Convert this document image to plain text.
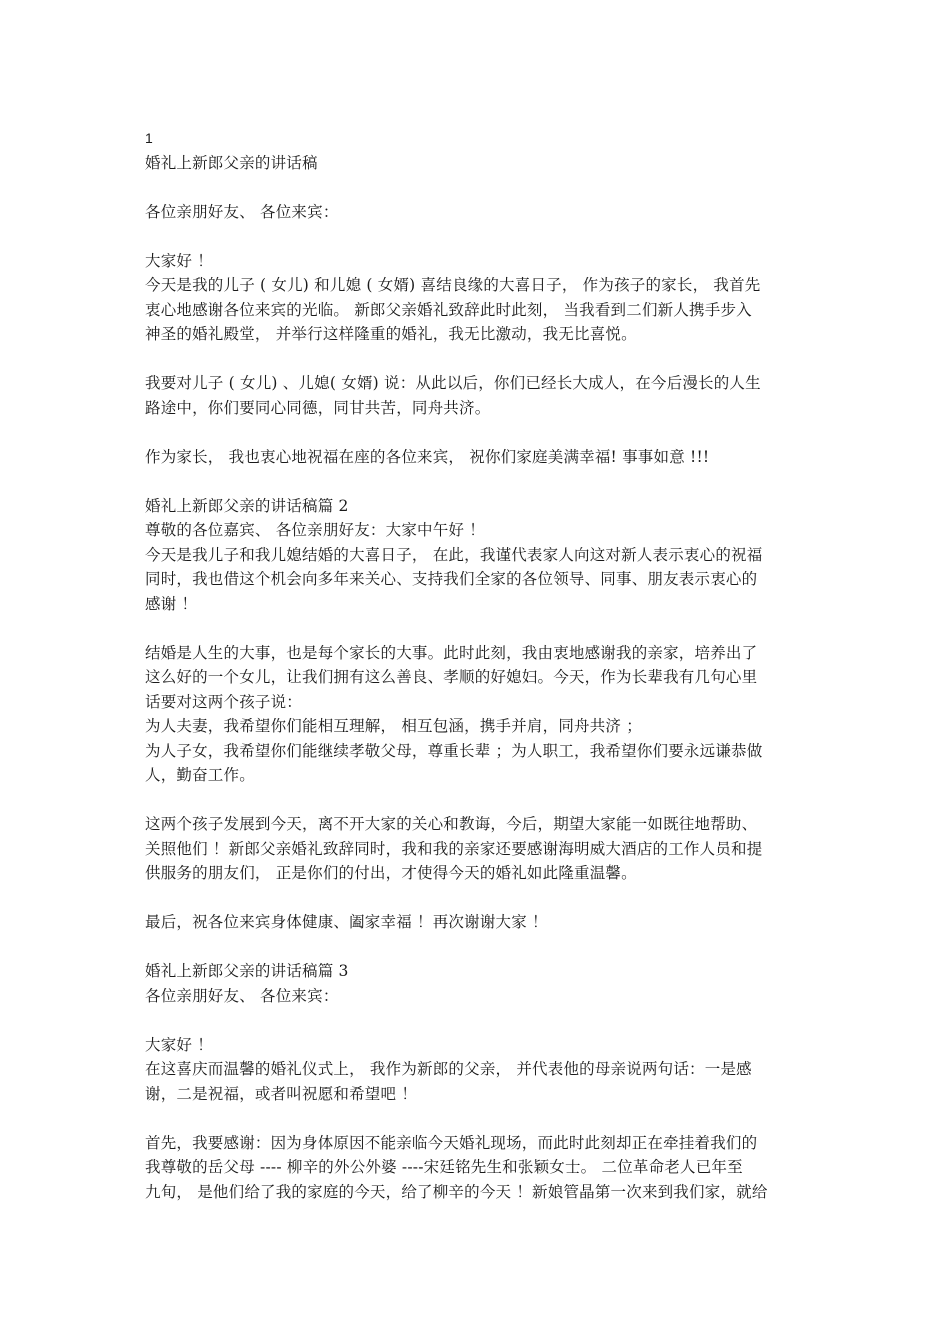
1
婚礼上新郎父亲的讲话稿
各位亲朋好友、 各位来宾：
大家好 ！
今天是我的儿子 ( 女儿) 和儿媳 ( 女婿) 喜结良缘的大喜日子， 作为孩子的家长， 我首先
衷心地感谢各位来宾的光临。 新郎父亲婚礼致辞此时此刻， 当我看到二们新人携手步入
神圣的婚礼殿堂， 并举行这样隆重的婚礼，我无比激动，我无比喜悦。
我要对儿子 ( 女儿) 、儿媳( 女婿) 说：从此以后，你们已经长大成人，在今后漫长的人生
路途中，你们要同心同德，同甘共苦，同舟共济。
作为家长， 我也衷心地祝福在座的各位来宾， 祝你们家庭美满幸福! 事事如意 !!!
婚礼上新郎父亲的讲话稿篇 2
尊敬的各位嘉宾、 各位亲朋好友：大家中午好 ！
今天是我儿子和我儿媳结婚的大喜日子， 在此，我谨代表家人向这对新人表示衷心的祝福
同时，我也借这个机会向多年来关心、支持我们全家的各位领导、同事、朋友表示衷心的
感谢 ！
结婚是人生的大事，也是每个家长的大事。此时此刻，我由衷地感谢我的亲家，培养出了
这么好的一个女儿，让我们拥有这么善良、孝顺的好媳妇。今天，作为长辈我有几句心里
话要对这两个孩子说：
为人夫妻，我希望你们能相互理解， 相互包涵，携手并肩，同舟共济 ；
为人子女，我希望你们能继续孝敬父母，尊重长辈 ；为人职工，我希望你们要永远谦恭做
人，勤奋工作。
这两个孩子发展到今天，离不开大家的关心和教诲，今后，期望大家能一如既往地帮助、
关照他们 ！新郎父亲婚礼致辞同时，我和我的亲家还要感谢海明威大酒店的工作人员和提
供服务的朋友们， 正是你们的付出，才使得今天的婚礼如此隆重温馨。
最后，祝各位来宾身体健康、阖家幸福 ！再次谢谢大家 ！
婚礼上新郎父亲的讲话稿篇 3
各位亲朋好友、 各位来宾：
大家好 ！
在这喜庆而温馨的婚礼仪式上， 我作为新郎的父亲， 并代表他的母亲说两句话：一是感
谢，二是祝福，或者叫祝愿和希望吧 ！
首先，我要感谢：因为身体原因不能亲临今天婚礼现场，而此时此刻却正在牵挂着我们的
我尊敬的岳父母 ---- 柳辛的外公外婆 ----宋廷铭先生和张颖女士。 二位革命老人已年至
九旬， 是他们给了我的家庭的今天，给了柳辛的今天 ！新娘管晶第一次来到我们家，就给
